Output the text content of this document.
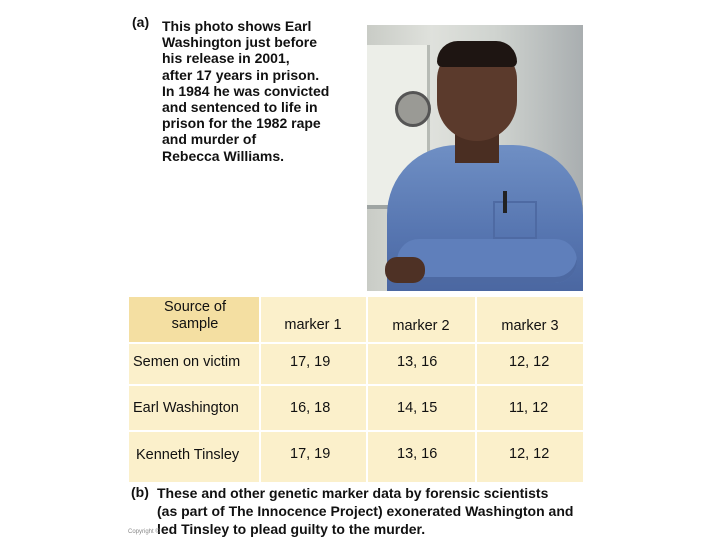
(a) This photo shows Earl
Washington just before
his release in 2001,
after 17 years in prison.
In 1984 he was convicted
and sentenced to life in
prison for the 1982 rape
and murder of
Rebecca Williams.

Source of
sample	marker 1	marker 2	marker 3
Semen on victim	17, 19	13, 16	12, 12
Earl Washington	16, 18	14, 15	11, 12
Kenneth Tinsley	17, 19	13, 16	12, 12
(b) These and other genetic marker data by forensic scientists
(as part of The Innocence Project) exonerated Washington and
led Tinsley to plead guilty to the murder.

Copyright ©
